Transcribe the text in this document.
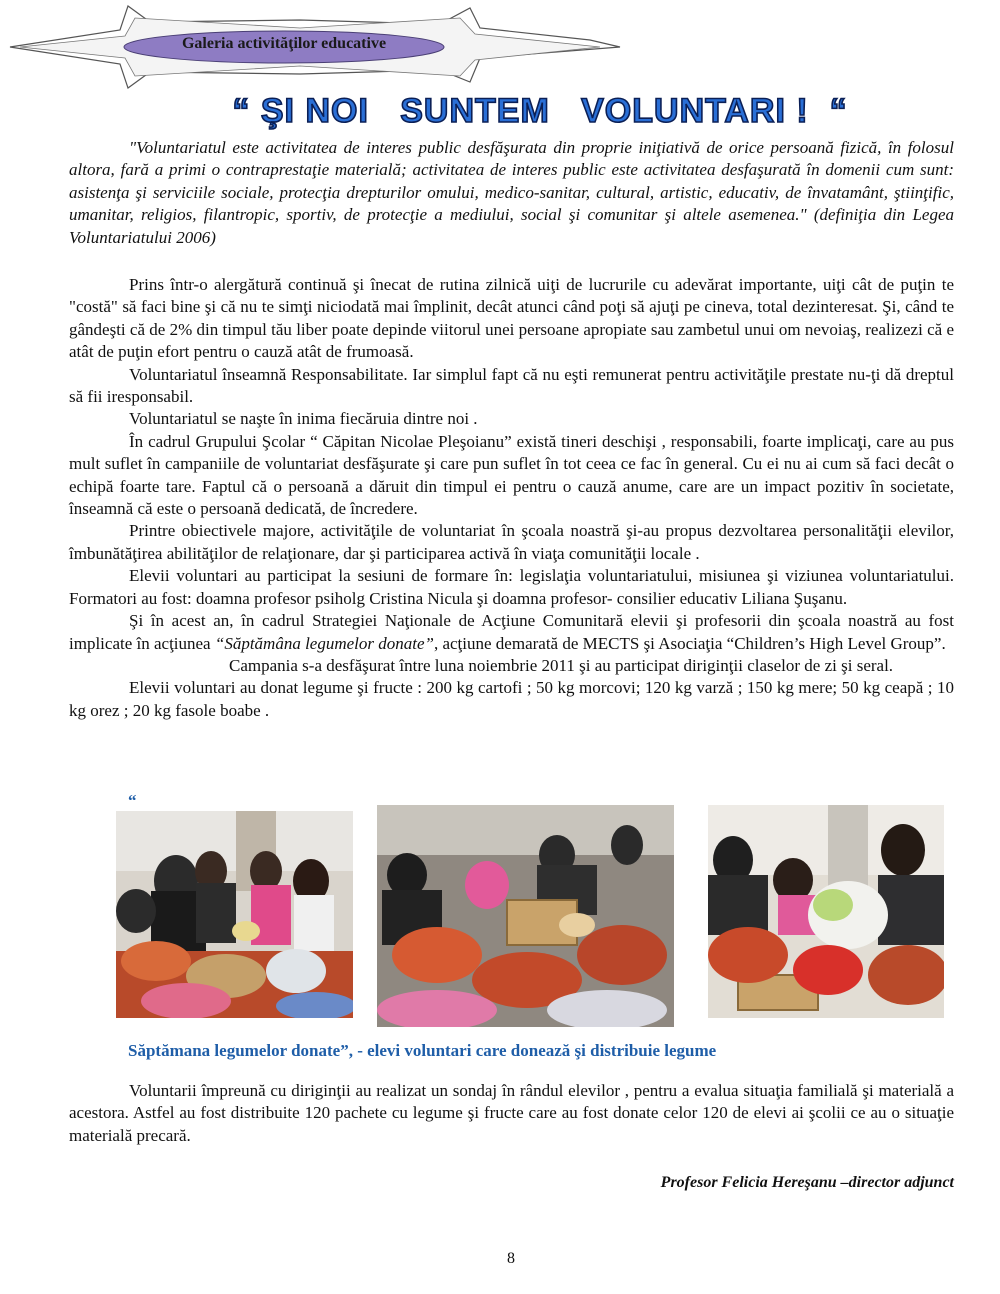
Galeria activităţilor educative
“ ŞI NOI   SUNTEM   VOLUNTARI !  “

"Voluntariatul este activitatea de interes public desfăşurata din proprie iniţiativă de orice persoană fizică, în folosul altora, fară a primi o contraprestaţie materială; activitatea de interes public este activitatea desfaşurată în domenii cum sunt: asistenţa şi serviciile sociale, protecţia drepturilor omului, medico-sanitar, cultural, artistic, educativ, de învatamânt, ştiinţific, umanitar, religios, filantropic, sportiv, de protecţie a mediului, social şi comunitar şi altele asemenea." (definiţia din Legea Voluntariatului 2006)

Prins într-o alergătură continuă şi înecat de rutina zilnică uiţi de lucrurile cu adevărat importante, uiţi cât de puţin te "costă" să faci bine şi că nu te simţi niciodată mai împlinit, decât atunci când poţi să ajuţi pe cineva, total dezinteresat. Şi, când te gândeşti că de 2% din timpul tău liber poate depinde viitorul unei persoane apropiate sau zambetul unui om nevoiaş, realizezi că e atât de puţin efort pentru o cauză atât de frumoasă.

Voluntariatul înseamnă Responsabilitate. Iar simplul fapt că nu eşti remunerat pentru activităţile prestate nu-ţi dă dreptul să fii iresponsabil.

Voluntariatul se naşte în inima fiecăruia dintre noi .

În cadrul Grupului Şcolar “ Căpitan Nicolae Pleşoianu” există tineri deschişi , responsabili, foarte implicaţi, care au pus mult suflet în campaniile de voluntariat desfăşurate şi care pun suflet în tot ceea ce fac în general. Cu ei nu ai cum să faci decât o echipă foarte tare. Faptul că o persoană a dăruit din timpul ei pentru o cauză anume, care are un impact pozitiv în societate, înseamnă că este o persoană dedicată, de încredere.

Printre obiectivele majore, activităţile de voluntariat în şcoala noastră şi-au propus dezvoltarea personalităţii elevilor, îmbunătăţirea abilităţilor de relaţionare, dar şi participarea activă în viaţa comunităţii locale .

Elevii voluntari au participat la sesiuni de formare în: legislaţia voluntariatului, misiunea şi viziunea voluntariatului. Formatori au fost: doamna profesor psiholg Cristina Nicula şi doamna profesor- consilier educativ Liliana Şuşanu.

Şi în acest an, în cadrul Strategiei Naţionale de Acţiune Comunitară elevii şi profesorii din şcoala noastră au fost implicate în acţiunea “Săptămâna legumelor donate”, acţiune demarată de MECTS şi Asociaţia “Children’s High Level Group”.

Campania s-a desfăşurat între luna noiembrie 2011 şi au participat diriginţii claselor de zi şi seral.

Elevii voluntari au donat legume şi fructe : 200 kg cartofi ; 50 kg morcovi; 120 kg varză ; 150 kg mere; 50 kg ceapă ; 10 kg orez ; 20 kg fasole boabe .

“
Săptămana legumelor donate”, - elevi voluntari care donează şi distribuie legume

Voluntarii împreună cu diriginţii au realizat un sondaj în rândul elevilor , pentru a evalua situaţia familială şi materială a acestora. Astfel au fost distribuite 120 pachete cu legume şi fructe care au fost donate celor 120 de elevi ai şcolii ce au o situaţie materială precară.

Profesor Felicia Hereşanu –director adjunct
8
